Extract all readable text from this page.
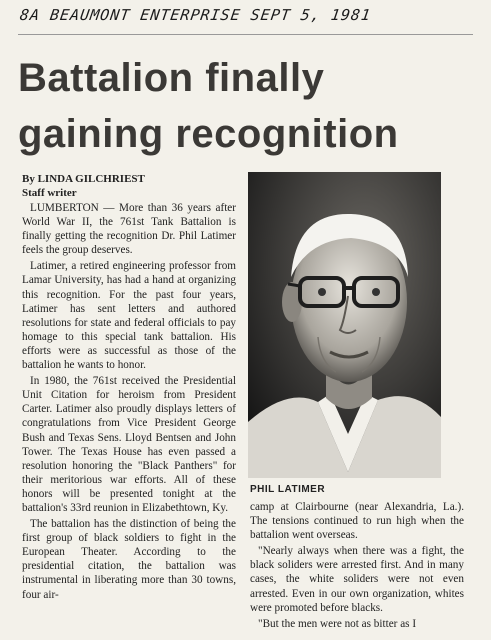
8A BEAUMONT ENTERPRISE SEPT 5, 1981
Battalion finally gaining recognition
By LINDA GILCHRIEST
Staff writer

LUMBERTON — More than 36 years after World War II, the 761st Tank Battalion is finally getting the recognition Dr. Phil Latimer feels the group deserves.

Latimer, a retired engineering professor from Lamar University, has had a hand at organizing this recognition. For the past four years, Latimer has sent letters and authored resolutions for state and federal officials to pay homage to this special tank battalion. His efforts were as successful as those of the battalion he wants to honor.

In 1980, the 761st received the Presidential Unit Citation for heroism from President Carter. Latimer also proudly displays letters of congratulations from Vice President George Bush and Texas Sens. Lloyd Bentsen and John Tower. The Texas House has even passed a resolution honoring the "Black Panthers" for their meritorious war efforts. All of these honors will be presented tonight at the battalion's 33rd reunion in Elizabethtown, Ky.

The battalion has the distinction of being the first group of black soldiers to fight in the European Theater. According to the presidential citation, the battalion was instrumental in liberating more than 30 towns, four air-

PHIL LATIMER

camp at Clairbourne (near Alexandria, La.). The tensions continued to run high when the battalion went overseas.

"Nearly always when there was a fight, the black soliders were arrested first. And in many cases, the white soliders were not even arrested. Even in our own organization, whites were promoted before blacks.

"But the men were not as bitter as I
